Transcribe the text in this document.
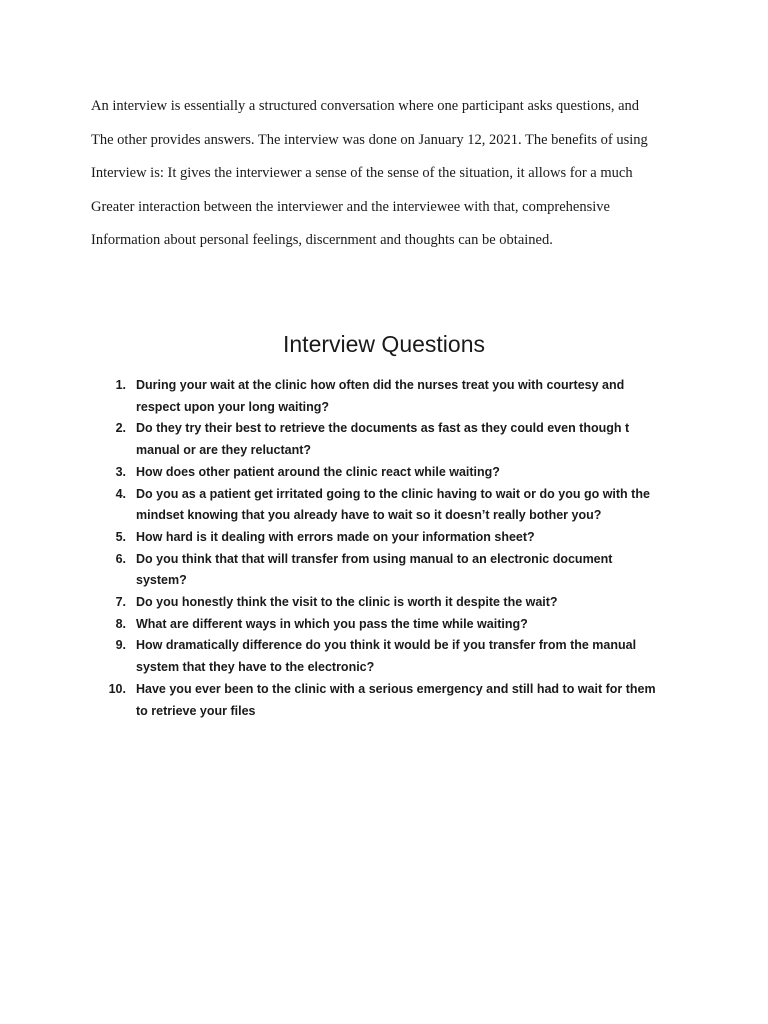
An interview is essentially a structured conversation where one participant asks questions, and
The other provides answers. The interview was done on January 12, 2021. The benefits of using
Interview is: It gives the interviewer a sense of the sense of the situation, it allows for a much
Greater interaction between the interviewer and the interviewee with that, comprehensive
Information about personal feelings, discernment and thoughts can be obtained.

Interview Questions
1. During your wait at the clinic how often did the nurses treat you with courtesy and
respect upon your long waiting?
2. Do they try their best to retrieve the documents as fast as they could even though t
manual or are they reluctant?
3. How does other patient around the clinic react while waiting?
4. Do you as a patient get irritated going to the clinic having to wait or do you go with the
mindset knowing that you already have to wait so it doesn’t really bother you?
5. How hard is it dealing with errors made on your information sheet?
6. Do you think that that will transfer from using manual to an electronic document
system?
7. Do you honestly think the visit to the clinic is worth it despite the wait?
8. What are different ways in which you pass the time while waiting?
9. How dramatically difference do you think it would be if you transfer from the manual
system that they have to the electronic?
10. Have you ever been to the clinic with a serious emergency and still had to wait for them
to retrieve your files
